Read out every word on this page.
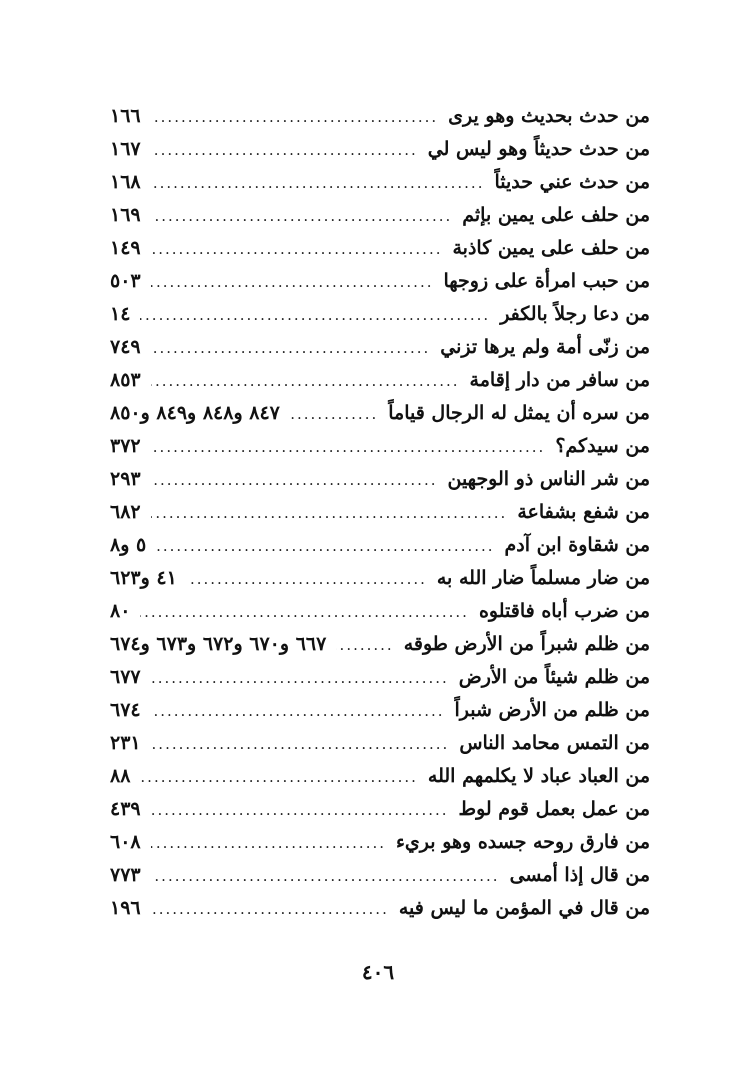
من حدث بحديث وهو يرى
.....
١٦٦
من حدث حديثاً وهو ليس لي
.....
١٦٧
من حدث عني حديثاً
.....
١٦٨
من حلف على يمين بإثم
.....
١٦٩
من حلف على يمين كاذبة
.....
١٤٩
من حبب امرأة على زوجها
.....
٥٠٣
من دعا رجلاً بالكفر
.....
١٤
من زنّى أمة ولم يرها تزني
.....
٧٤٩
من سافر من دار إقامة
.....
٨٥٣
من سره أن يمثل له الرجال قياماً
.....
٨٤٧ و٨٤٨ و٨٤٩ و٨٥٠
من سيدكم؟
.....
٣٧٢
من شر الناس ذو الوجهين
.....
٢٩٣
من شفع بشفاعة
.....
٦٨٢
من شقاوة ابن آدم
.....
٥ و٨
من ضار مسلماً ضار الله به
.....
٤١ و٦٢٣
من ضرب أباه فاقتلوه
.....
٨٠
من ظلم شبراً من الأرض طوقه
.....
٦٦٧ و٦٧٠ و٦٧٢ و٦٧٣ و٦٧٤
من ظلم شيئاً من الأرض
.....
٦٧٧
من ظلم من الأرض شبراً
.....
٦٧٤
من التمس محامد الناس
.....
٢٣١
من العباد عباد لا يكلمهم الله
.....
٨٨
من عمل بعمل قوم لوط
.....
٤٣٩
من فارق روحه جسده وهو بريء
.....
٦٠٨
من قال إذا أمسى
.....
٧٧٣
من قال في المؤمن ما ليس فيه
.....
١٩٦
٤٠٦
